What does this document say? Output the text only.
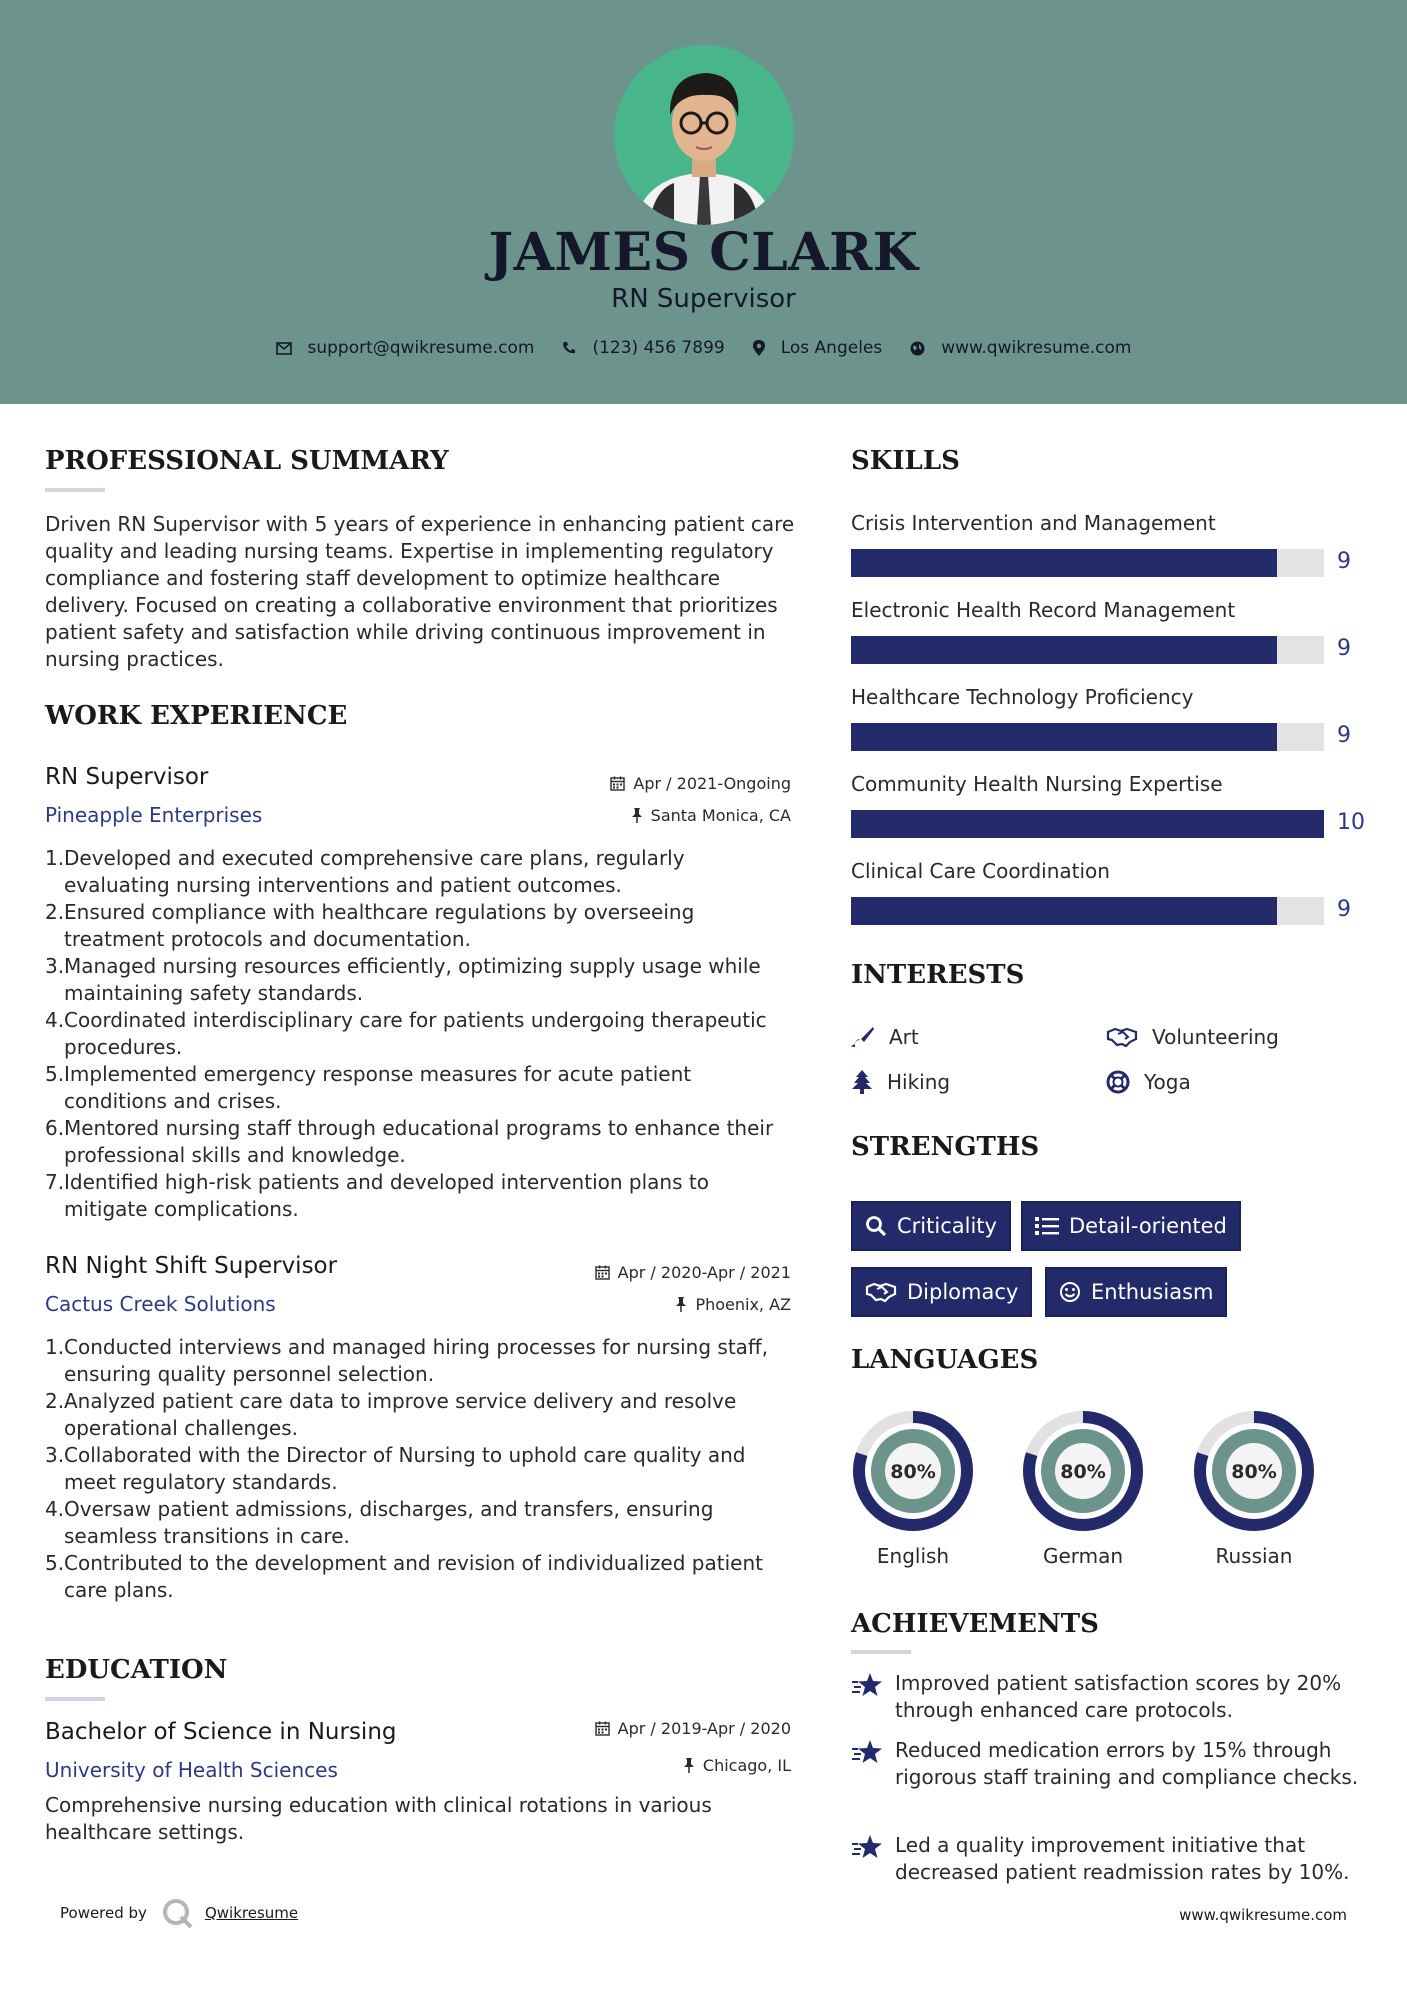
JAMES CLARK
RN Supervisor
support@qwikresume.com	(123) 456 7899	Los Angeles	www.qwikresume.com
PROFESSIONAL SUMMARY
Driven RN Supervisor with 5 years of experience in enhancing patient care quality and leading nursing teams. Expertise in implementing regulatory compliance and fostering staff development to optimize healthcare delivery. Focused on creating a collaborative environment that prioritizes patient safety and satisfaction while driving continuous improvement in nursing practices.
WORK EXPERIENCE
RN Supervisor
Pineapple Enterprises
Apr / 2021-Ongoing
Santa Monica, CA
1. Developed and executed comprehensive care plans, regularly evaluating nursing interventions and patient outcomes.
2. Ensured compliance with healthcare regulations by overseeing treatment protocols and documentation.
3. Managed nursing resources efficiently, optimizing supply usage while maintaining safety standards.
4. Coordinated interdisciplinary care for patients undergoing therapeutic procedures.
5. Implemented emergency response measures for acute patient conditions and crises.
6. Mentored nursing staff through educational programs to enhance their professional skills and knowledge.
7. Identified high-risk patients and developed intervention plans to mitigate complications.
RN Night Shift Supervisor
Cactus Creek Solutions
Apr / 2020-Apr / 2021
Phoenix, AZ
1. Conducted interviews and managed hiring processes for nursing staff, ensuring quality personnel selection.
2. Analyzed patient care data to improve service delivery and resolve operational challenges.
3. Collaborated with the Director of Nursing to uphold care quality and meet regulatory standards.
4. Oversaw patient admissions, discharges, and transfers, ensuring seamless transitions in care.
5. Contributed to the development and revision of individualized patient care plans.
EDUCATION
Bachelor of Science in Nursing
University of Health Sciences
Apr / 2019-Apr / 2020
Chicago, IL
Comprehensive nursing education with clinical rotations in various healthcare settings.
SKILLS
Crisis Intervention and Management
9
Electronic Health Record Management
9
Healthcare Technology Proficiency
9
Community Health Nursing Expertise
10
Clinical Care Coordination
9
INTERESTS
Art	Volunteering
Hiking	Yoga
STRENGTHS
Criticality	Detail-oriented
Diplomacy	Enthusiasm
LANGUAGES
80%
English
80%
German
80%
Russian
ACHIEVEMENTS
Improved patient satisfaction scores by 20% through enhanced care protocols.
Reduced medication errors by 15% through rigorous staff training and compliance checks.
Led a quality improvement initiative that decreased patient readmission rates by 10%.
Powered by	Qwikresume	www.qwikresume.com
